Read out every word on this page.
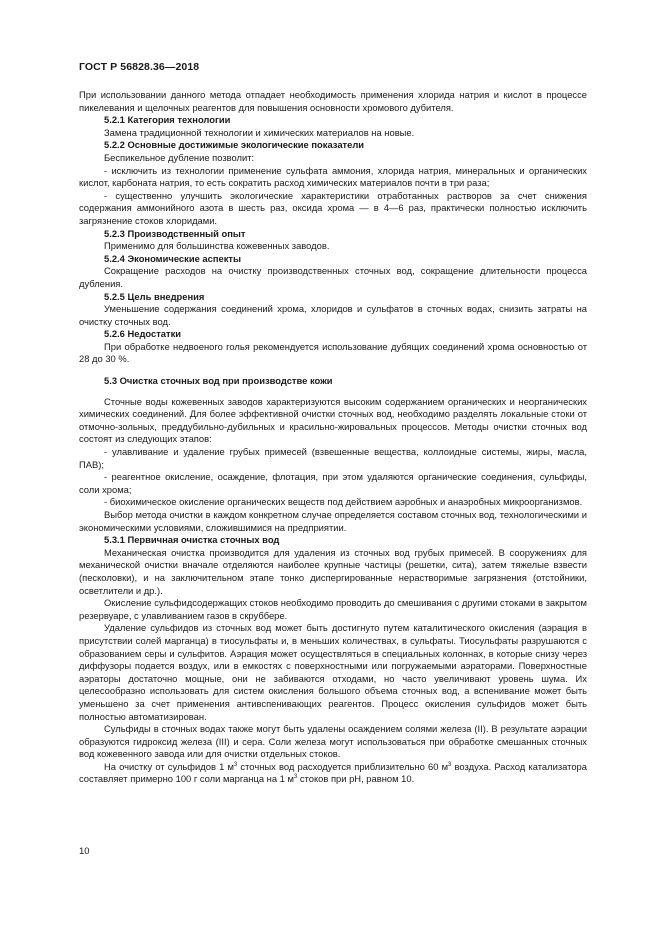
ГОСТ Р 56828.36—2018

При использовании данного метода отпадает необходимость применения хлорида натрия и кислот в процессе пикелевания и щелочных реагентов для повышения основности хромового дубителя.

5.2.1 Категория технологии

Замена традиционной технологии и химических материалов на новые.

5.2.2 Основные достижимые экологические показатели

Беспикельное дубление позволит:

- исключить из технологии применение сульфата аммония, хлорида натрия, минеральных и органических кислот, карбоната натрия, то есть сократить расход химических материалов почти в три раза;

- существенно улучшить экологические характеристики отработанных растворов за счет снижения содержания аммонийного азота в шесть раз, оксида хрома — в 4—6 раз, практически полностью исключить загрязнение стоков хлоридами.

5.2.3 Производственный опыт

Применимо для большинства кожевенных заводов.

5.2.4 Экономические аспекты

Сокращение расходов на очистку производственных сточных вод, сокращение длительности процесса дубления.

5.2.5 Цель внедрения

Уменьшение содержания соединений хрома, хлоридов и сульфатов в сточных водах, снизить затраты на очистку сточных вод.

5.2.6 Недостатки

При обработке недвоеного голья рекомендуется использование дубящих соединений хрома основностью от 28 до 30 %.

5.3 Очистка сточных вод при производстве кожи

Сточные воды кожевенных заводов характеризуются высоким содержанием органических и неорганических химических соединений. Для более эффективной очистки сточных вод, необходимо разделять локальные стоки от отмочно-зольных, преддубильно-дубильных и красильно-жировальных процессов. Методы очистки сточных вод состоят из следующих этапов:

- улавливание и удаление грубых примесей (взвешенные вещества, коллоидные системы, жиры, масла, ПАВ);

- реагентное окисление, осаждение, флотация, при этом удаляются органические соединения, сульфиды, соли хрома;

- биохимическое окисление органических веществ под действием аэробных и анаэробных микроорганизмов.

Выбор метода очистки в каждом конкретном случае определяется составом сточных вод, технологическими и экономическими условиями, сложившимися на предприятии.

5.3.1 Первичная очистка сточных вод

Механическая очистка производится для удаления из сточных вод грубых примесей. В сооружениях для механической очистки вначале отделяются наиболее крупные частицы (решетки, сита), затем тяжелые взвести (песколовки), и на заключительном этапе тонко диспергированные нерастворимые загрязнения (отстойники, осветлители и др.).

Окисление сульфидсодержащих стоков необходимо проводить до смешивания с другими стоками в закрытом резервуаре, с улавливанием газов в скруббере.

Удаление сульфидов из сточных вод может быть достигнуто путем каталитического окисления (аэрация в присутствии солей марганца) в тиосульфаты и, в меньших количествах, в сульфаты. Тиосульфаты разрушаются с образованием серы и сульфитов. Аэрация может осуществляться в специальных колоннах, в которые снизу через диффузоры подается воздух, или в емкостях с поверхностными или погружаемыми аэраторами. Поверхностные аэраторы достаточно мощные, они не забиваются отходами, но часто увеличивают уровень шума. Их целесообразно использовать для систем окисления большого объема сточных вод, а вспенивание может быть уменьшено за счет применения антивспенивающих реагентов. Процесс окисления сульфидов может быть полностью автоматизирован.

Сульфиды в сточных водах также могут быть удалены осаждением солями железа (II). В результате аэрации образуются гидроксид железа (III) и сера. Соли железа могут использоваться при обработке смешанных сточных вод кожевенного завода или для очистки отдельных стоков.

На очистку от сульфидов 1 $м^3$ сточных вод расходуется приблизительно 60 $м^3$ воздуха. Расход катализатора составляет примерно 100 г соли марганца на 1 $м^3$ стоков при pH, равном 10.

10
